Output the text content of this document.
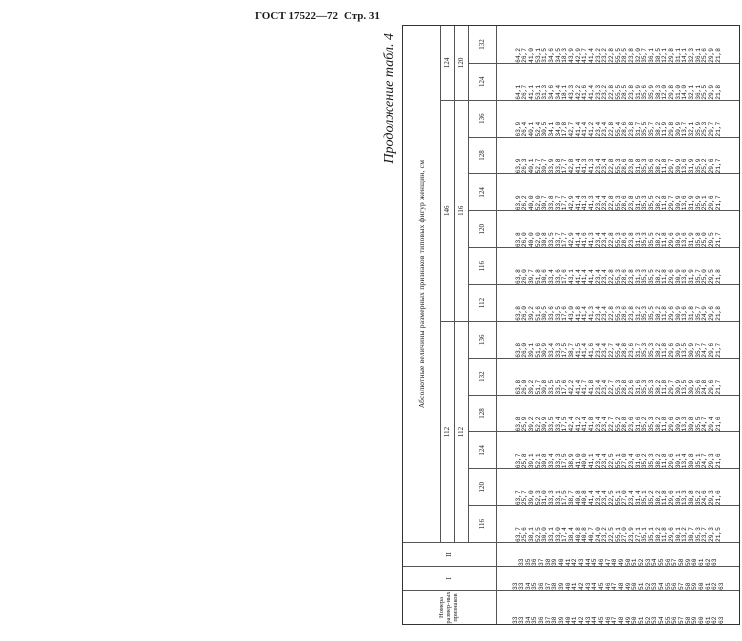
ГОСТ 17522—72 Стр. 31
Продолжение табл. 4
Номера размер-ных признаков
I
II
Абсолютные величины размерных признаков типовых фигур женщин, см
112
146
124
112
116
120
116
120
124
128
132
136
112
116
120
124
128
136
124
132
33 33 34 35 36 37 38 39 40 41 42 43 44 45 46 47 48 49 50 51 52 53 54 55 56 57 58 59 60 61 62 63
33 33 34 35 36 37 38 39 40 41 42 43 44 45 46 47 48 49 50 51 52 53 54 55 56 57 58 59 60 61 62 63
33 35 36 37 38 39 40 41 42 43 44 45 46 47 48 49 50 51 52 53 54 55 56 57 58 59 60 61 62 63
63,7 25,6 38,1 52,5 30,0 33,1 33,0 17,4 38,4 40,8 40,8 40,7 24,0 23,2 22,5 55,1 27,0 23,9 27,1 35,1 35,1 38,2 11,8 29,6 30,1 13,2 30,7 35,3 23,7 29,3 21,5
63,7 25,7 39,0 52,3 31,0 33,3 33,1 17,5 38,7 40,8 40,8 41,4 23,4 23,4 22,5 55,1 27,0 23,4 31,4 35,1 35,2 38,2 11,8 29,6 30,1 13,3 30,8 35,2 24,6 29,3 21,6
63,7 25,8 39,1 52,1 30,8 33,4 33,3 17,5 38,9 41,0 40,0 41,1 23,4 23,4 22,5 55,1 27,0 23,4 31,6 35,2 35,3 38,2 11,8 29,6 30,1 13,4 30,8 35,1 24,7 29,3 21,6
63,8 25,9 39,2 52,2 30,9 33,5 33,4 17,5 42,4 41,2 41,4 41,8 23,4 23,4 22,7 55,2 28,8 23,6 31,6 35,2 35,3 38,2 11,8 29,6 30,9 13,3 30,8 35,5 24,7 29,4 21,6
63,8 26,0 39,2 51,7 30,8 33,5 33,5 17,6 42,2 41,4 41,7 41,8 23,4 23,4 22,7 55,3 28,8 23,6 31,6 35,3 35,3 38,2 11,8 29,7 30,9 13,5 30,9 35,6 24,8 29,6 21,7
63,8 26,0 39,1 51,6 30,9 33,4 33,3 17,5 38,7 41,5 41,4 41,6 23,4 23,4 22,7 55,4 28,8 23,6 31,7 35,3 35,3 38,2 11,8 29,6 30,9 13,5 30,9 35,7 24,7 29,6 21,7
63,8 26,0 39,2 51,6 30,5 33,6 33,5 17,6 43,0 41,8 41,4 41,3 23,4 23,4 22,8 55,3 28,6 23,8 31,2 35,3 35,5 38,2 11,8 29,6 30,9 13,6 31,8 35,7 24,9 29,6 21,8
63,8 26,0 39,7 51,8 30,6 33,4 33,6 17,6 43,1 41,4 41,4 41,4 23,4 23,4 22,8 55,3 28,6 23,8 31,3 35,3 35,5 38,2 11,8 29,6 30,9 13,6 31,9 35,7 25,0 29,5 21,8
63,8 26,0 40,0 52,0 30,8 33,5 33,7 17,7 42,9 41,4 41,6 41,3 23,4 23,4 22,8 55,3 28,6 23,8 31,3 35,3 35,5 38,2 11,8 29,6 30,9 13,6 31,9 35,8 25,0 29,5 21,7
63,9 26,2 40,0 52,0 30,7 33,8 33,7 17,7 42,9 41,4 41,3 41,3 23,4 23,4 22,8 55,3 28,6 23,8 31,5 35,3 35,5 38,2 11,8 29,7 30,9 13,6 31,9 35,9 25,1 29,6 21,7
63,9 26,3 40,1 52,7 30,7 33,9 33,8 17,7 42,8 41,4 41,3 41,3 23,4 23,4 22,8 55,3 28,6 23,8 31,8 35,3 35,6 38,2 11,8 29,7 30,9 13,6 31,9 35,9 25,2 29,6 21,7
63,9 26,4 40,1 52,4 30,5 34,1 34,0 17,8 42,7 41,4 41,4 41,2 23,4 23,4 22,8 55,4 28,6 23,8 31,7 35,5 35,7 38,2 11,9 29,8 30,9 13,7 32,1 35,9 25,3 29,7 21,7
64,1 26,7 41,1 53,1 31,3 34,6 34,4 18,1 43,3 42,2 41,6 41,4 23,3 23,2 22,8 55,5 28,5 23,8 31,9 35,6 35,9 38,3 12,0 29,8 31,0 14,0 32,1 36,1 25,5 29,9 21,8
64,2 26,7 41,0 53,1 31,5 34,6 34,5 18,3 43,9 42,9 41,7 41,4 23,2 23,2 22,8 55,5 28,5 23,8 32,0 35,7 36,1 38,5 12,1 29,8 31,1 14,1 32,3 36,1 25,6 29,9 21,8
